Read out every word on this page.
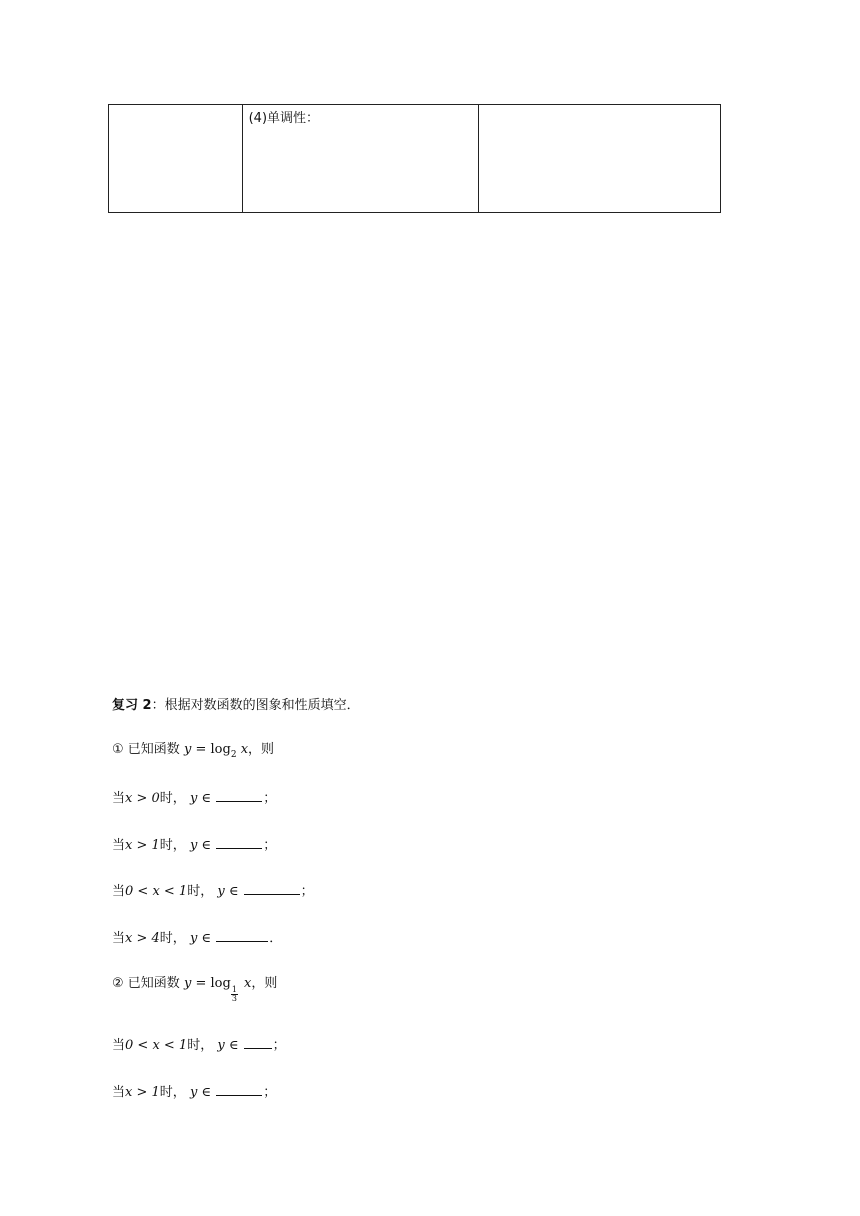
	(4)单调性：	
复习 2：根据对数函数的图象和性质填空．
① 已知函数 $y = \log_2 x$，则
当x > 0时， y ∈	；
当x > 1时， y ∈	；
当0 < x < 1时， y ∈	；
当x > 4时， y ∈	．
② 已知函数 y = log
$\frac{1}{3}$
x，则
当0 < x < 1时， y ∈	；
当x > 1时， y ∈	；
